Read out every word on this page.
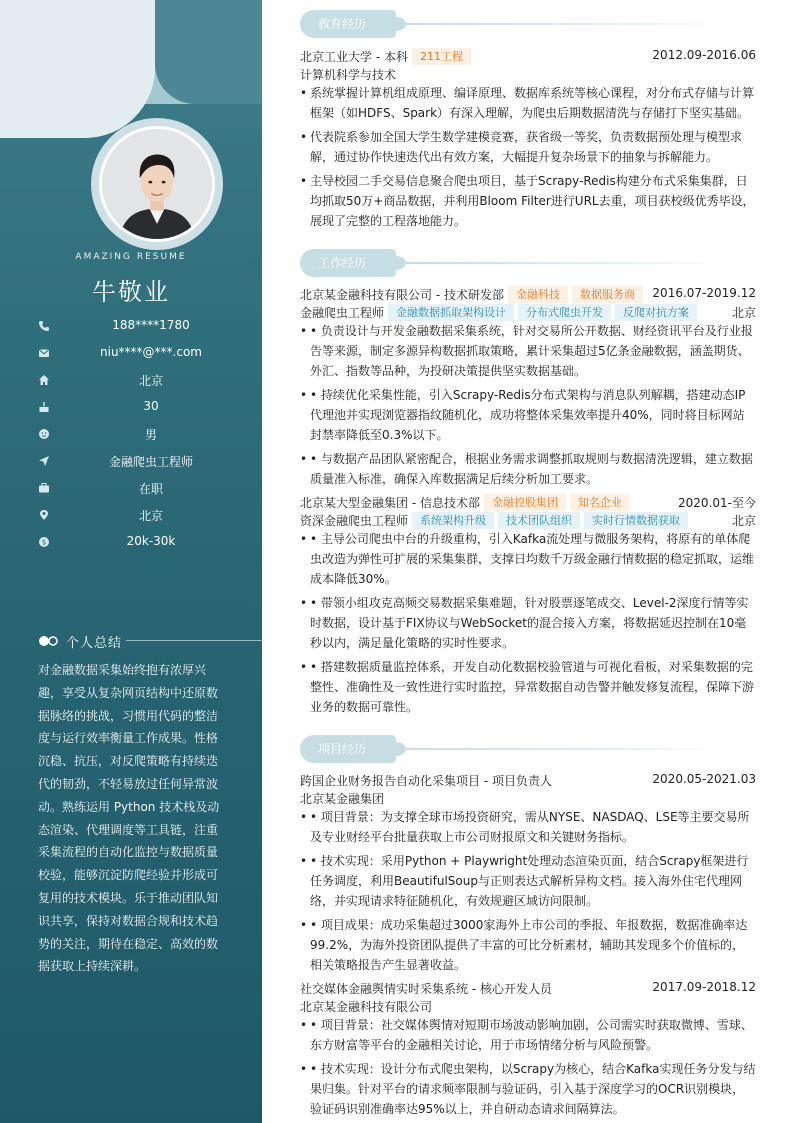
AMAZING RESUME
牛敬业
188****1780
niu****@***.com
北京
30
男
金融爬虫工程师
在职
北京
$	20k-30k
个人总结
对金融数据采集始终抱有浓厚兴趣，享受从复杂网页结构中还原数据脉络的挑战，习惯用代码的整洁度与运行效率衡量工作成果。性格沉稳、抗压，对反爬策略有持续迭代的韧劲，不轻易放过任何异常波动。熟练运用 Python 技术栈及动态渲染、代理调度等工具链，注重采集流程的自动化监控与数据质量校验，能够沉淀防爬经验并形成可复用的技术模块。乐于推动团队知识共享，保持对数据合规和技术趋势的关注，期待在稳定、高效的数据获取上持续深耕。
教育经历
北京工业大学 - 本科 211工程	2012.09-2016.06
计算机科学与技术
• 系统掌握计算机组成原理、编译原理、数据库系统等核心课程，对分布式存储与计算框架（如HDFS、Spark）有深入理解，为爬虫后期数据清洗与存储打下坚实基础。
• 代表院系参加全国大学生数学建模竞赛，获省级一等奖，负责数据预处理与模型求解，通过协作快速迭代出有效方案，大幅提升复杂场景下的抽象与拆解能力。
• 主导校园二手交易信息聚合爬虫项目，基于Scrapy-Redis构建分布式采集集群，日均抓取50万+商品数据，并利用Bloom Filter进行URL去重，项目获校级优秀毕设，展现了完整的工程落地能力。
工作经历
北京某金融科技有限公司 - 技术研发部 金融科技 数据服务商	2016.07-2019.12
金融爬虫工程师 金融数据抓取架构设计 分布式爬虫开发 反爬对抗方案	北京
• • 负责设计与开发金融数据采集系统，针对交易所公开数据、财经资讯平台及行业报告等来源，制定多源异构数据抓取策略，累计采集超过5亿条金融数据，涵盖期货、外汇、指数等品种，为投研决策提供坚实数据基础。
• • 持续优化采集性能，引入Scrapy-Redis分布式架构与消息队列解耦，搭建动态IP代理池并实现浏览器指纹随机化，成功将整体采集效率提升40%，同时将目标网站封禁率降低至0.3%以下。
• • 与数据产品团队紧密配合，根据业务需求调整抓取规则与数据清洗逻辑，建立数据质量准入标准，确保入库数据满足后续分析加工要求。
北京某大型金融集团 - 信息技术部 金融控股集团 知名企业	2020.01-至今
资深金融爬虫工程师 系统架构升级 技术团队组织 实时行情数据获取	北京
• • 主导公司爬虫中台的升级重构，引入Kafka流处理与微服务架构，将原有的单体爬虫改造为弹性可扩展的采集集群，支撑日均数千万级金融行情数据的稳定抓取，运维成本降低30%。
• • 带领小组攻克高频交易数据采集难题，针对股票逐笔成交、Level-2深度行情等实时数据，设计基于FIX协议与WebSocket的混合接入方案，将数据延迟控制在10毫秒以内，满足量化策略的实时性要求。
• • 搭建数据质量监控体系，开发自动化数据校验管道与可视化看板，对采集数据的完整性、准确性及一致性进行实时监控，异常数据自动告警并触发修复流程，保障下游业务的数据可靠性。
项目经历
跨国企业财务报告自动化采集项目 - 项目负责人	2020.05-2021.03
北京某金融集团
• • 项目背景：为支撑全球市场投资研究，需从NYSE、NASDAQ、LSE等主要交易所及专业财经平台批量获取上市公司财报原文和关键财务指标。
• • 技术实现：采用Python + Playwright处理动态渲染页面，结合Scrapy框架进行任务调度，利用BeautifulSoup与正则表达式解析异构文档。接入海外住宅代理网络，并实现请求特征随机化，有效规避区域访问限制。
• • 项目成果：成功采集超过3000家海外上市公司的季报、年报数据，数据准确率达99.2%，为海外投资团队提供了丰富的可比分析素材，辅助其发现多个价值标的，相关策略报告产生显著收益。
社交媒体金融舆情实时采集系统 - 核心开发人员	2017.09-2018.12
北京某金融科技有限公司
• • 项目背景：社交媒体舆情对短期市场波动影响加剧，公司需实时获取微博、雪球、东方财富等平台的金融相关讨论，用于市场情绪分析与风险预警。
• • 技术实现：设计分布式爬虫架构，以Scrapy为核心，结合Kafka实现任务分发与结果归集。针对平台的请求频率限制与验证码，引入基于深度学习的OCR识别模块，验证码识别准确率达95%以上，并自研动态请求间隔算法。
